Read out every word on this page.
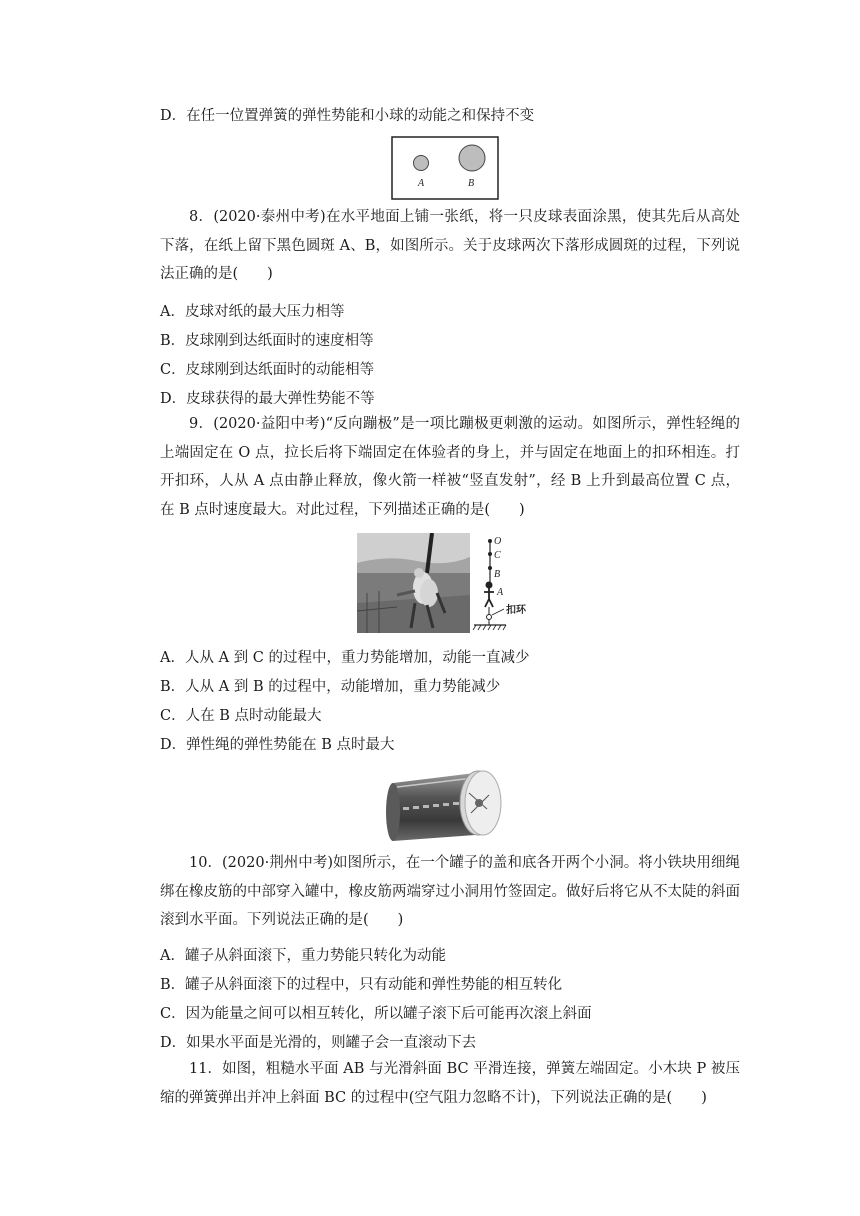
D．在任一位置弹簧的弹性势能和小球的动能之和保持不变
A	B
8．(2020·泰州中考)在水平地面上铺一张纸，将一只皮球表面涂黑，使其先后从高处下落，在纸上留下黑色圆斑 A、B，如图所示。关于皮球两次下落形成圆斑的过程，下列说法正确的是(　　)
A．皮球对纸的最大压力相等
B．皮球刚到达纸面时的速度相等
C．皮球刚到达纸面时的动能相等
D．皮球获得的最大弹性势能不等
9．(2020·益阳中考)“反向蹦极”是一项比蹦极更刺激的运动。如图所示，弹性轻绳的上端固定在 O 点，拉长后将下端固定在体验者的身上，并与固定在地面上的扣环相连。打开扣环，人从 A 点由静止释放，像火箭一样被“竖直发射”，经 B 上升到最高位置 C 点，在 B 点时速度最大。对此过程，下列描述正确的是(　　)
O
C
B
A
扣环
A．人从 A 到 C 的过程中，重力势能增加，动能一直减少
B．人从 A 到 B 的过程中，动能增加，重力势能减少
C．人在 B 点时动能最大
D．弹性绳的弹性势能在 B 点时最大
10．(2020·荆州中考)如图所示，在一个罐子的盖和底各开两个小洞。将小铁块用细绳绑在橡皮筋的中部穿入罐中，橡皮筋两端穿过小洞用竹签固定。做好后将它从不太陡的斜面滚到水平面。下列说法正确的是(　　)
A．罐子从斜面滚下，重力势能只转化为动能
B．罐子从斜面滚下的过程中，只有动能和弹性势能的相互转化
C．因为能量之间可以相互转化，所以罐子滚下后可能再次滚上斜面
D．如果水平面是光滑的，则罐子会一直滚动下去
11．如图，粗糙水平面 AB 与光滑斜面 BC 平滑连接，弹簧左端固定。小木块 P 被压缩的弹簧弹出并冲上斜面 BC 的过程中(空气阻力忽略不计)，下列说法正确的是(　　)
